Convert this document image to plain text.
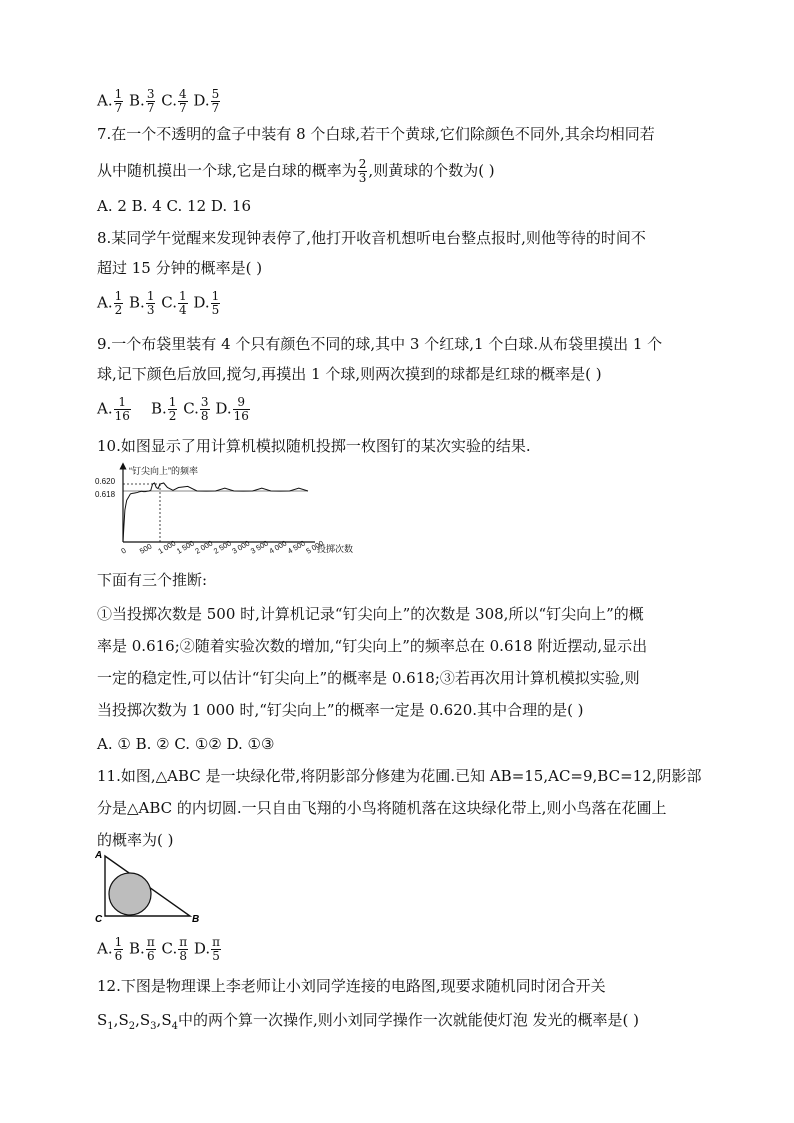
A. $\frac{1}{7} B$. $\frac{3}{7} C$. $\frac{4}{7} D$. $\frac{5}{7}$
7.在一个不透明的盒子中装有 8 个白球,若干个黄球,它们除颜色不同外,其余均相同若
从中随机摸出一个球,它是白球的概率为 $\frac{2}{3}$ ,则黄球的个数为( )
A. 2 B. 4 C. 12 D. 16
8.某同学午觉醒来发现钟表停了,他打开收音机想听电台整点报时,则他等待的时间不
超过 15 分钟的概率是( )
A. $\frac{1}{2} B$. $\frac{1}{3} C$. $\frac{1}{4} D$. $\frac{1}{5}$
9.一个布袋里装有 4 个只有颜色不同的球,其中 3 个红球,1 个白球.从布袋里摸出 1 个
球,记下颜色后放回,搅匀,再摸出 1 个球,则两次摸到的球都是红球的概率是( )
A. $\frac{1}{16} B$. $\frac{1}{2} C$. $\frac{3}{8} D$. $\frac{9}{16}$
10.如图显示了用计算机模拟随机投掷一枚图钉的某次实验的结果.
“钉尖向上”的频率
0.620
0.618
0 500 1 000
1 500
2 000
2 500
3 000
3 500
4 000
4 500
5 000
投掷次数
下面有三个推断:
①当投掷次数是 500 时,计算机记录“钉尖向上”的次数是 308,所以“钉尖向上”的概
率是 0.616;②随着实验次数的增加,“钉尖向上”的频率总在 0.618 附近摆动,显示出
一定的稳定性,可以估计“钉尖向上”的概率是 0.618;③若再次用计算机模拟实验,则
当投掷次数为 1 000 时,“钉尖向上”的概率一定是 0.620.其中合理的是( )
A. ① B. ② C. ①② D. ①③
11.如图,△ABC 是一块绿化带,将阴影部分修建为花圃.已知 AB=15,AC=9,BC=12,阴影部
分是△ABC 的内切圆.一只自由飞翔的小鸟将随机落在这块绿化带上,则小鸟落在花圃上
的概率为( )
A
C	B
A. $\frac{1}{6} B$. $\frac{\pi}{6} C$. $\frac{\pi}{8} D$. $\frac{\pi}{5}$
12.下图是物理课上李老师让小刘同学连接的电路图,现要求随机同时闭合开关
$S_1,S_2,S_3,S_4$中的两个算一次操作,则小刘同学操作一次就能使灯泡 发光的概率是( )
